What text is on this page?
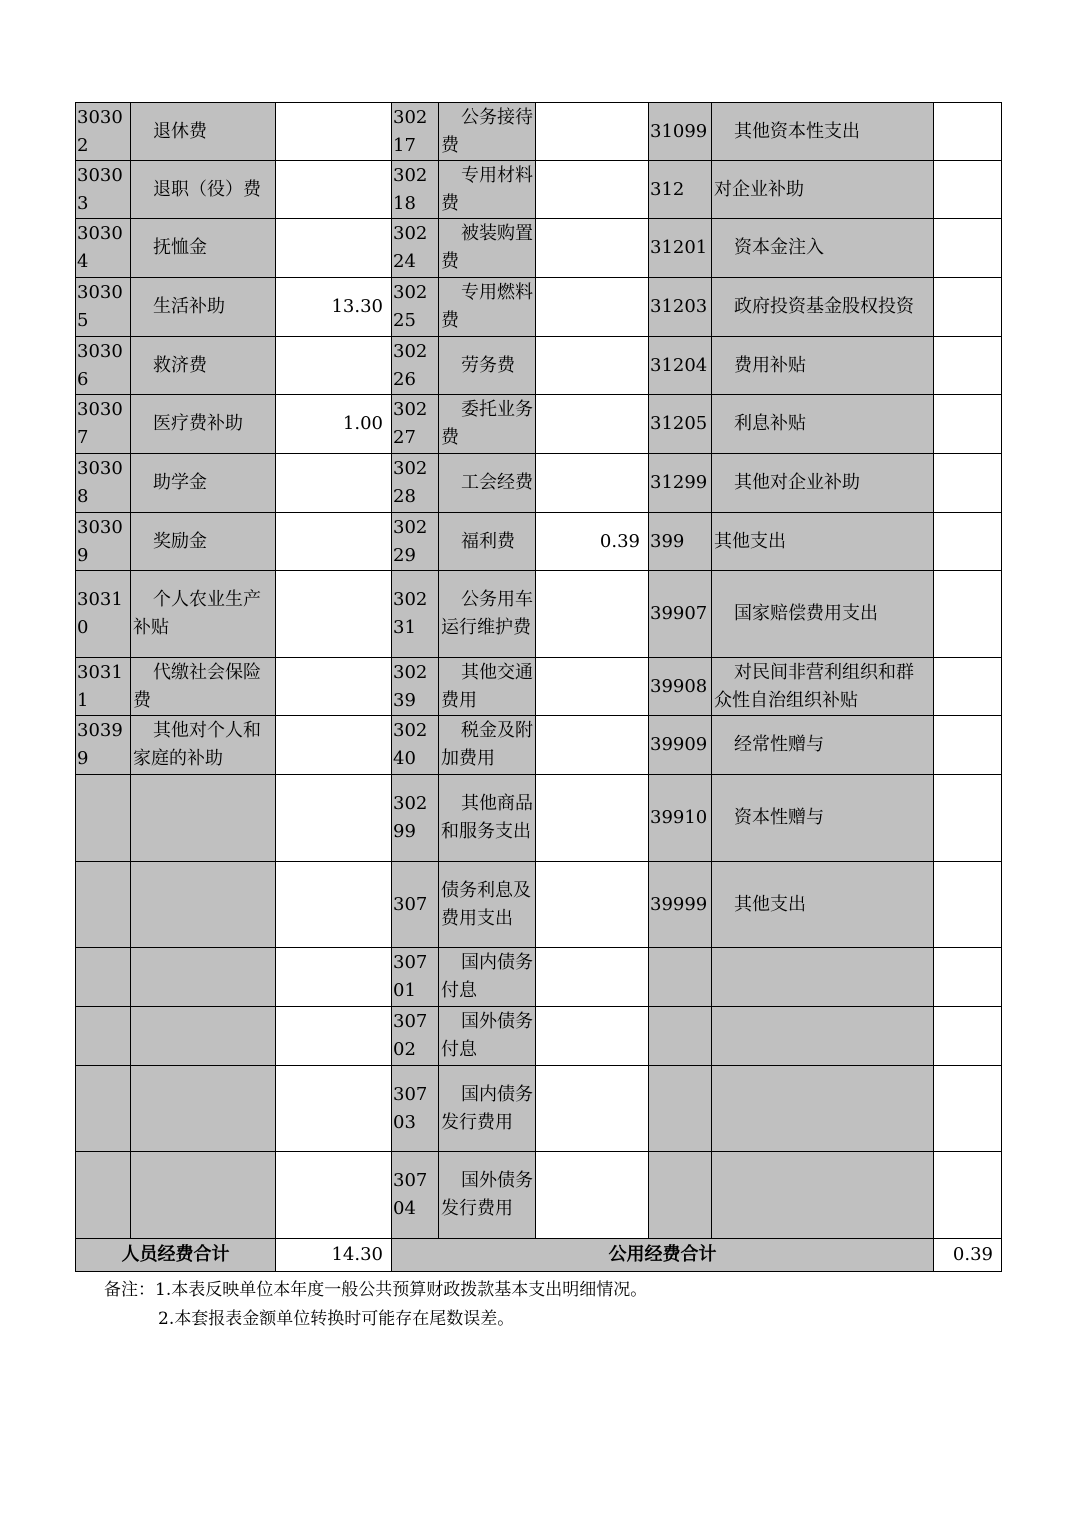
30302	退休费		30217	公务接待费		31099	其他资本性支出	
30303	退职（役）费		30218	专用材料费		312	对企业补助	
30304	抚恤金		30224	被装购置费		31201	资本金注入	
30305	生活补助	13.30	30225	专用燃料费		31203	政府投资基金股权投资	
30306	救济费		30226	劳务费		31204	费用补贴	
30307	医疗费补助	1.00	30227	委托业务费		31205	利息补贴	
30308	助学金		30228	工会经费		31299	其他对企业补助	
30309	奖励金		30229	福利费	0.39	399	其他支出	
30310	个人农业生产补贴		30231	公务用车运行维护费		39907	国家赔偿费用支出	
30311	代缴社会保险费		30239	其他交通费用		39908	对民间非营利组织和群众性自治组织补贴	
30399	其他对个人和家庭的补助		30240	税金及附加费用		39909	经常性赠与	
			30299	其他商品和服务支出		39910	资本性赠与	
			307	债务利息及费用支出		39999	其他支出	
			30701	国内债务付息				
			30702	国外债务付息				
			30703	国内债务发行费用				
			30704	国外债务发行费用				
人员经费合计		14.30	公用经费合计					0.39
备注：1.本表反映单位本年度一般公共预算财政拨款基本支出明细情况。
2.本套报表金额单位转换时可能存在尾数误差。
